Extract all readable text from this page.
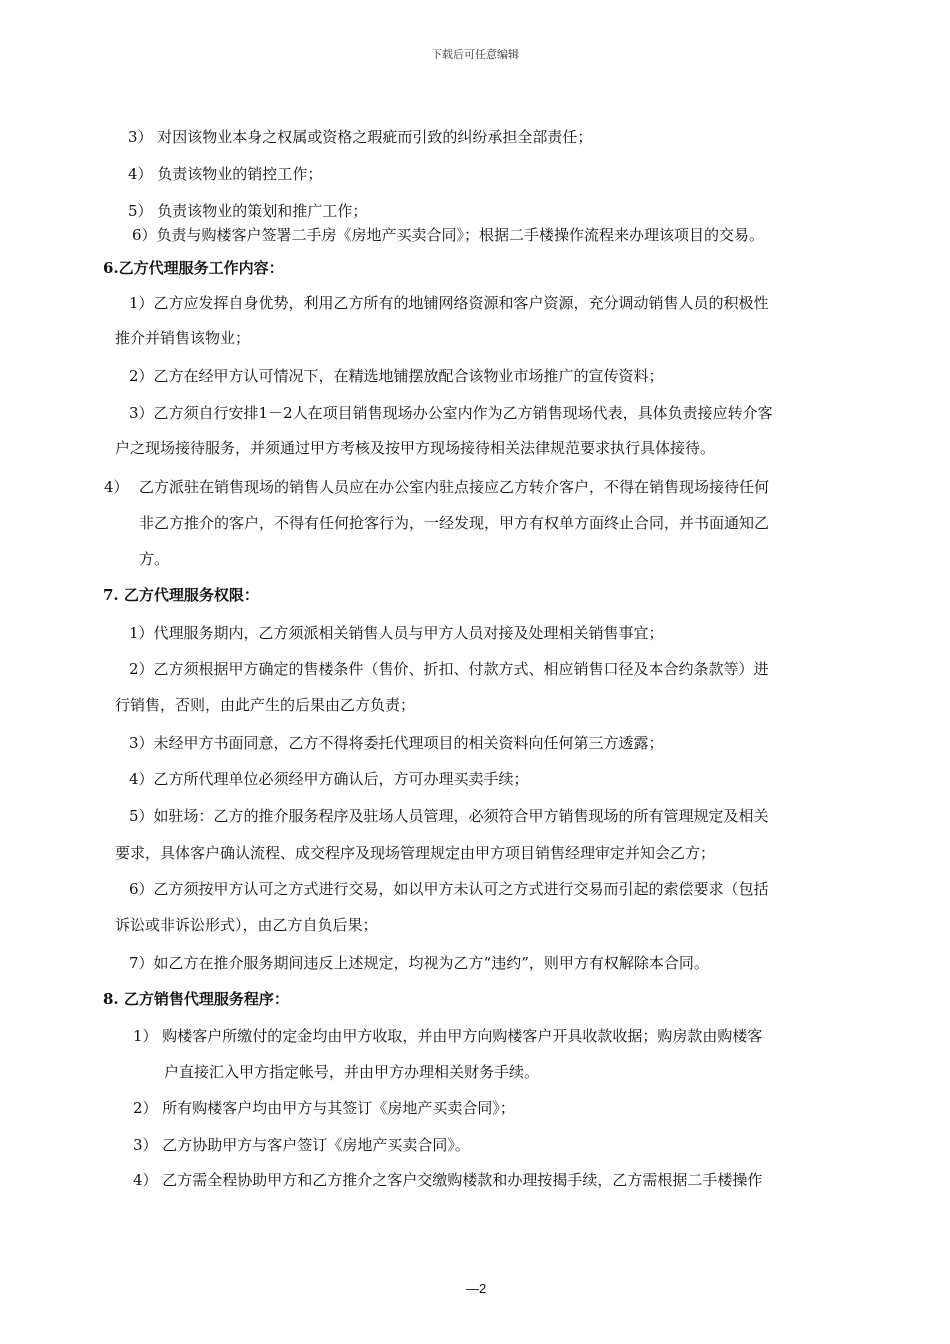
下载后可任意编辑
3） 对因该物业本身之权属或资格之瑕疵而引致的纠纷承担全部责任；
4） 负责该物业的销控工作；
5） 负责该物业的策划和推广工作；
6）负责与购楼客户签署二手房《房地产买卖合同》；根据二手楼操作流程来办理该项目的交易。
6.乙方代理服务工作内容：
1）乙方应发挥自身优势，利用乙方所有的地铺网络资源和客户资源，充分调动销售人员的积极性
推介并销售该物业；
2）乙方在经甲方认可情况下，在精选地铺摆放配合该物业市场推广的宣传资料；
3）乙方须自行安排1－2人在项目销售现场办公室内作为乙方销售现场代表，具体负责接应转介客
户之现场接待服务，并须通过甲方考核及按甲方现场接待相关法律规范要求执行具体接待。
4） 乙方派驻在销售现场的销售人员应在办公室内驻点接应乙方转介客户，不得在销售现场接待任何
非乙方推介的客户，不得有任何抢客行为，一经发现，甲方有权单方面终止合同，并书面通知乙
方。
7. 乙方代理服务权限：
1）代理服务期内，乙方须派相关销售人员与甲方人员对接及处理相关销售事宜；
2）乙方须根据甲方确定的售楼条件（售价、折扣、付款方式、相应销售口径及本合约条款等）进
行销售，否则，由此产生的后果由乙方负责；
3）未经甲方书面同意，乙方不得将委托代理项目的相关资料向任何第三方透露；
4）乙方所代理单位必须经甲方确认后，方可办理买卖手续；
5）如驻场：乙方的推介服务程序及驻场人员管理，必须符合甲方销售现场的所有管理规定及相关
要求，具体客户确认流程、成交程序及现场管理规定由甲方项目销售经理审定并知会乙方；
6）乙方须按甲方认可之方式进行交易，如以甲方未认可之方式进行交易而引起的索偿要求（包括
诉讼或非诉讼形式），由乙方自负后果；
7）如乙方在推介服务期间违反上述规定，均视为乙方“违约”，则甲方有权解除本合同。
8. 乙方销售代理服务程序：
1） 购楼客户所缴付的定金均由甲方收取，并由甲方向购楼客户开具收款收据；购房款由购楼客
户直接汇入甲方指定帐号，并由甲方办理相关财务手续。
2） 所有购楼客户均由甲方与其签订《房地产买卖合同》；
3） 乙方协助甲方与客户签订《房地产买卖合同》。
4） 乙方需全程协助甲方和乙方推介之客户交缴购楼款和办理按揭手续，乙方需根据二手楼操作
—2
